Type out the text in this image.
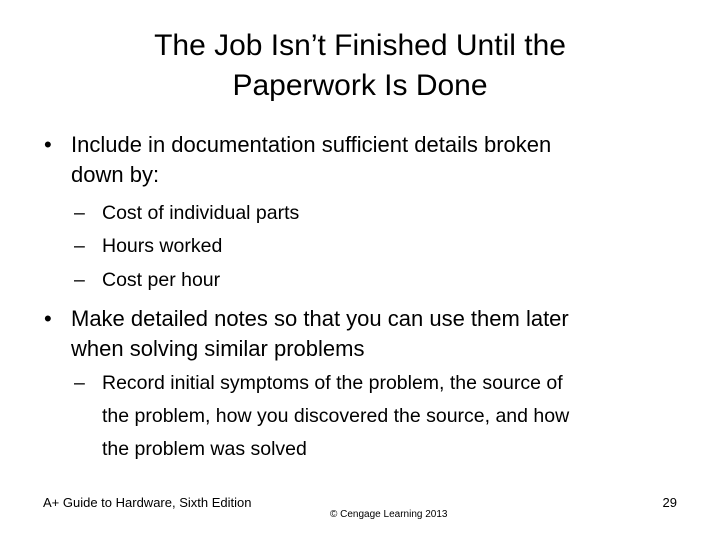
The Job Isn’t Finished Until the
Paperwork Is Done
• Include in documentation sufficient details broken
down by:
– Cost of individual parts
– Hours worked
– Cost per hour
• Make detailed notes so that you can use them later
when solving similar problems
– Record initial symptoms of the problem, the source of
the problem, how you discovered the source, and how
the problem was solved
A+ Guide to Hardware, Sixth Edition
© Cengage Learning 2013
29
